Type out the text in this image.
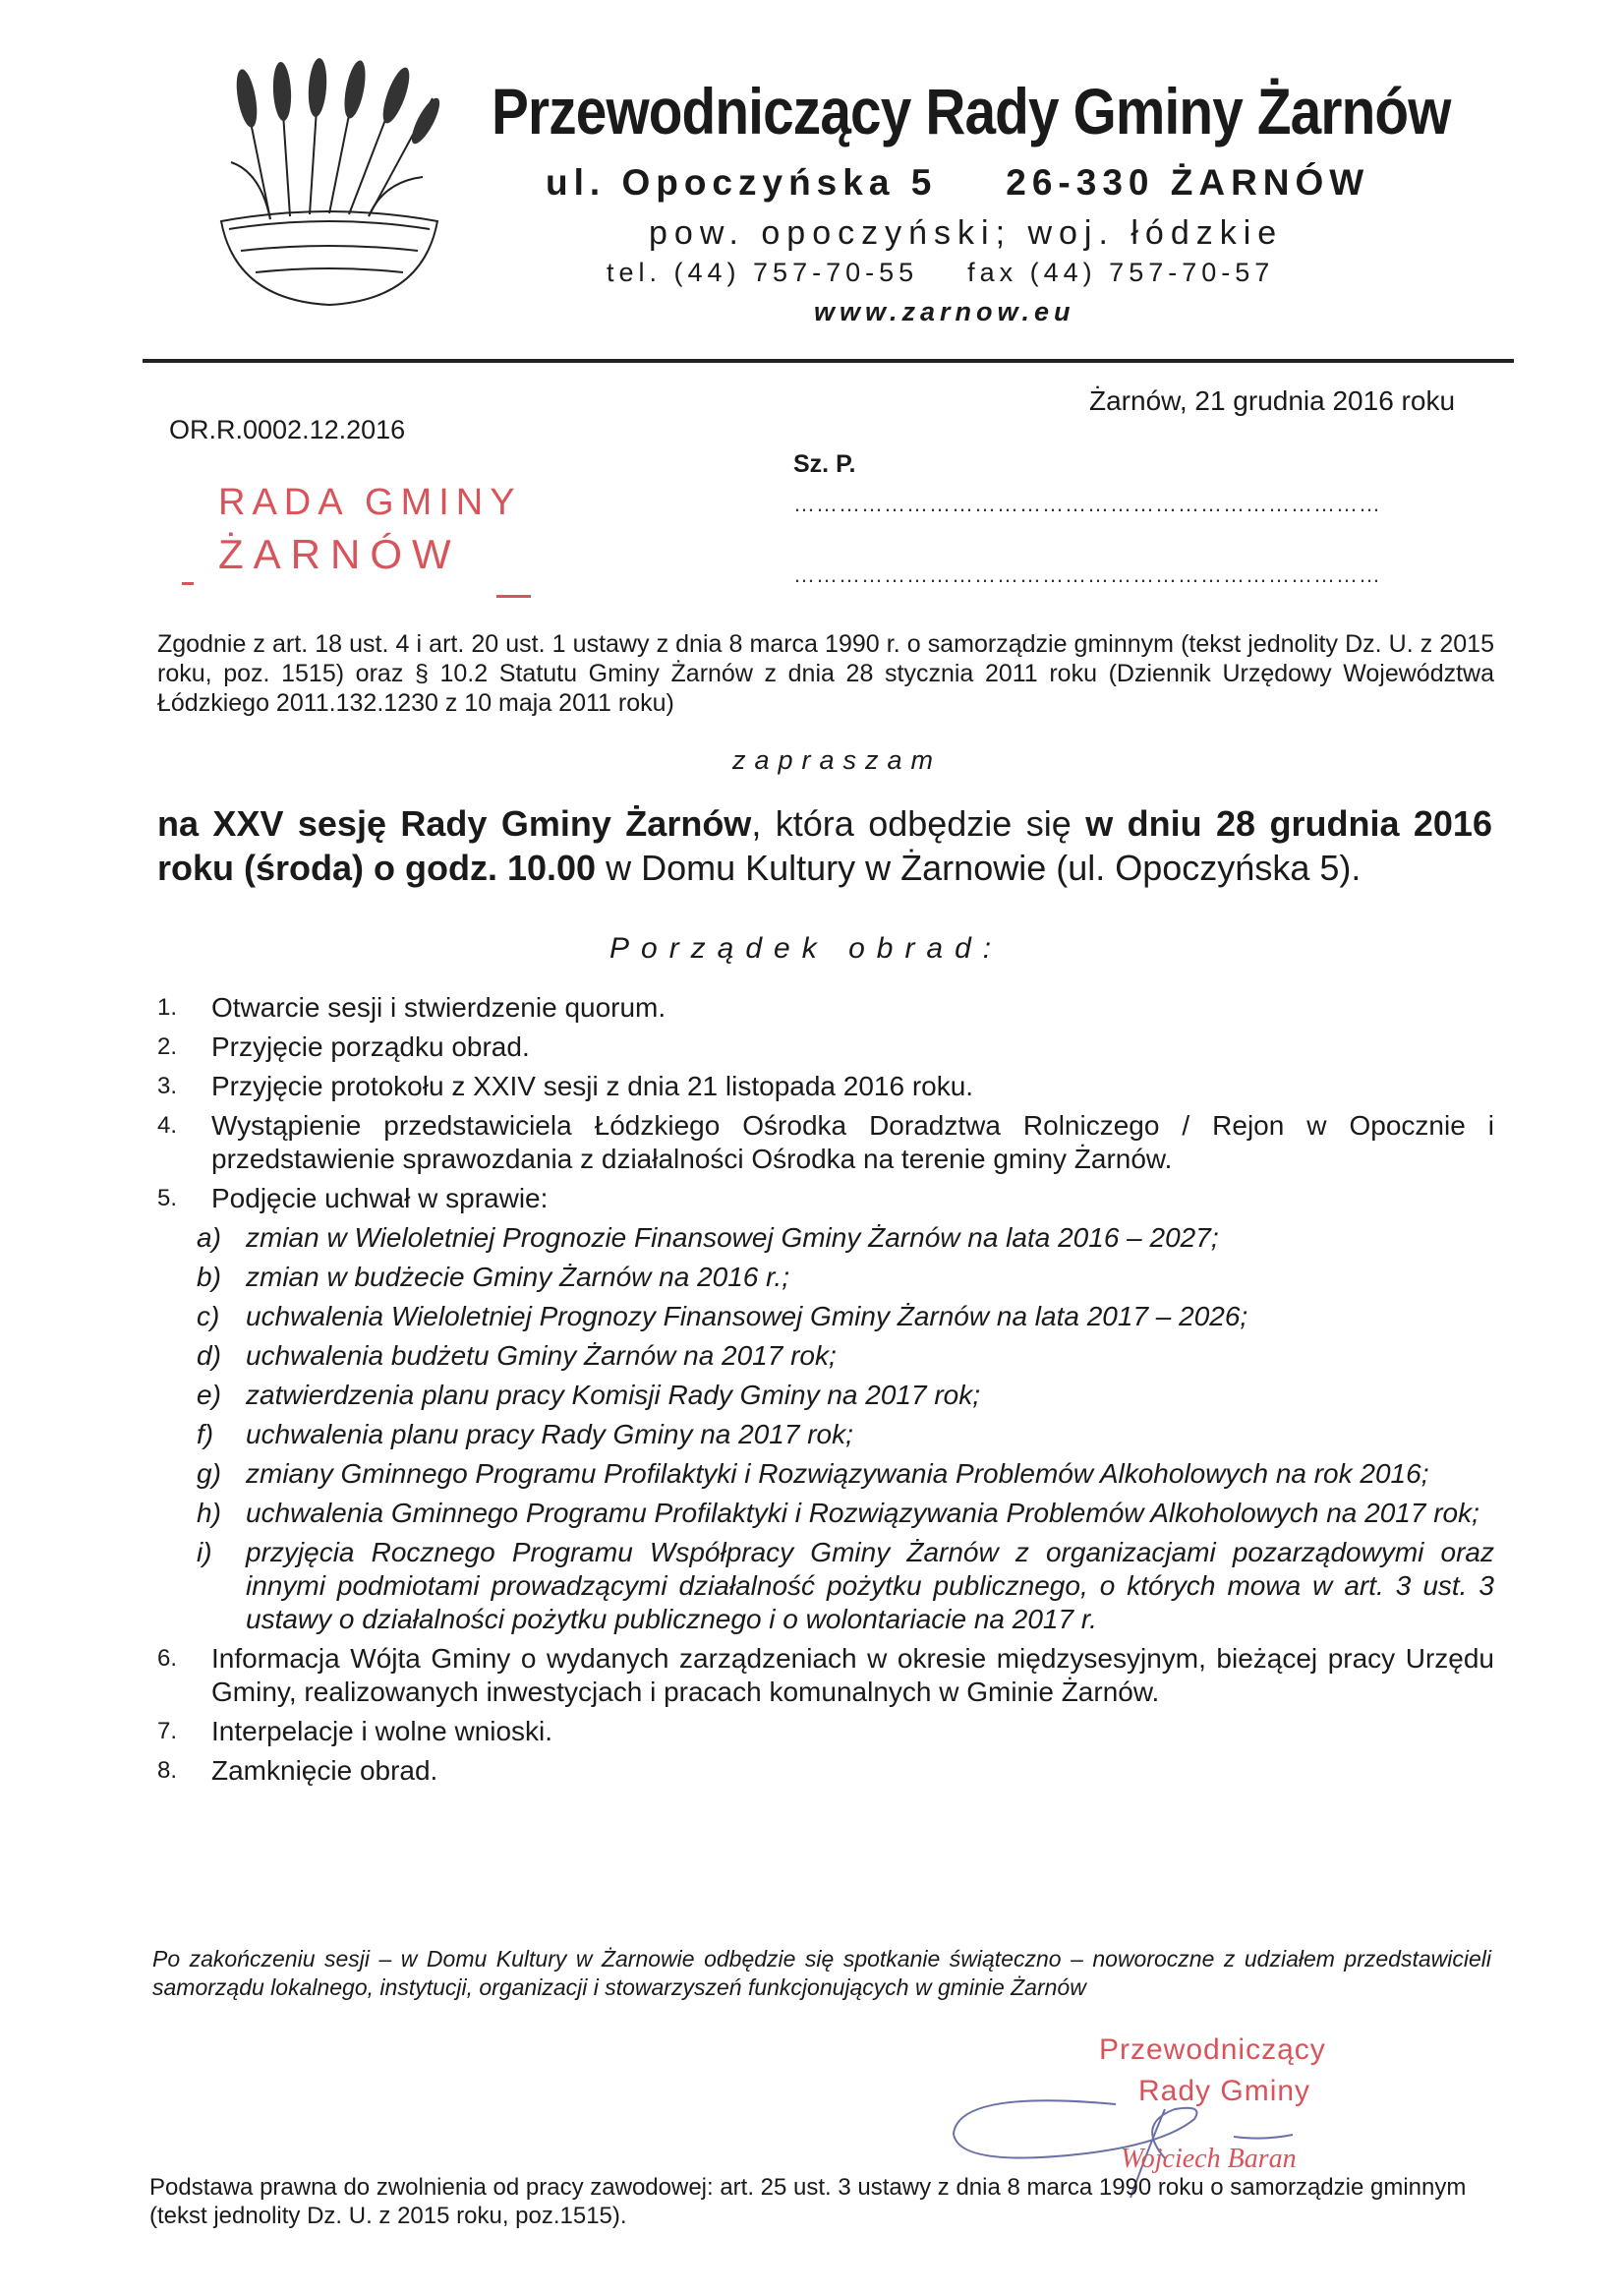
Przewodniczący Rady Gminy Żarnów
ul. Opoczyńska 5 26-330 ŻARNÓW
pow. opoczyński; woj. łódzkie
tel. (44) 757-70-55 fax (44) 757-70-57
www.zarnow.eu
Żarnów, 21 grudnia 2016 roku
OR.R.0002.12.2016
Sz. P.
……………………………………………………………………
……………………………………………………………………
RADA GMINY
ŻARNÓW
Zgodnie z art. 18 ust. 4 i art. 20 ust. 1 ustawy z dnia 8 marca 1990 r. o samorządzie gminnym (tekst jednolity Dz. U. z 2015 roku, poz. 1515) oraz § 10.2 Statutu Gminy Żarnów z dnia 28 stycznia 2011 roku (Dziennik Urzędowy Województwa Łódzkiego 2011.132.1230 z 10 maja 2011 roku)
zapraszam
na XXV sesję Rady Gminy Żarnów, która odbędzie się w dniu 28 grudnia 2016 roku (środa) o godz. 10.00 w Domu Kultury w Żarnowie (ul. Opoczyńska 5).
Porządek obrad:
1. Otwarcie sesji i stwierdzenie quorum.
2. Przyjęcie porządku obrad.
3. Przyjęcie protokołu z XXIV sesji z dnia 21 listopada 2016 roku.
4. Wystąpienie przedstawiciela Łódzkiego Ośrodka Doradztwa Rolniczego / Rejon w Opocznie i przedstawienie sprawozdania z działalności Ośrodka na terenie gminy Żarnów.
5. Podjęcie uchwał w sprawie:
a) zmian w Wieloletniej Prognozie Finansowej Gminy Żarnów na lata 2016 – 2027;
b) zmian w budżecie Gminy Żarnów na 2016 r.;
c) uchwalenia Wieloletniej Prognozy Finansowej Gminy Żarnów na lata 2017 – 2026;
d) uchwalenia budżetu Gminy Żarnów na 2017 rok;
e) zatwierdzenia planu pracy Komisji Rady Gminy na 2017 rok;
f) uchwalenia planu pracy Rady Gminy na 2017 rok;
g) zmiany Gminnego Programu Profilaktyki i Rozwiązywania Problemów Alkoholowych na rok 2016;
h) uchwalenia Gminnego Programu Profilaktyki i Rozwiązywania Problemów Alkoholowych na 2017 rok;
i) przyjęcia Rocznego Programu Współpracy Gminy Żarnów z organizacjami pozarządowymi oraz innymi podmiotami prowadzącymi działalność pożytku publicznego, o których mowa w art. 3 ust. 3 ustawy o działalności pożytku publicznego i o wolontariacie na 2017 r.
6. Informacja Wójta Gminy o wydanych zarządzeniach w okresie międzysesyjnym, bieżącej pracy Urzędu Gminy, realizowanych inwestycjach i pracach komunalnych w Gminie Żarnów.
7. Interpelacje i wolne wnioski.
8. Zamknięcie obrad.
Po zakończeniu sesji – w Domu Kultury w Żarnowie odbędzie się spotkanie świąteczno – noworoczne z udziałem przedstawicieli samorządu lokalnego, instytucji, organizacji i stowarzyszeń funkcjonujących w gminie Żarnów
Przewodniczący
Rady Gminy
Wojciech Baran
Podstawa prawna do zwolnienia od pracy zawodowej: art. 25 ust. 3 ustawy z dnia 8 marca 1990 roku o samorządzie gminnym (tekst jednolity Dz. U. z 2015 roku, poz.1515).
